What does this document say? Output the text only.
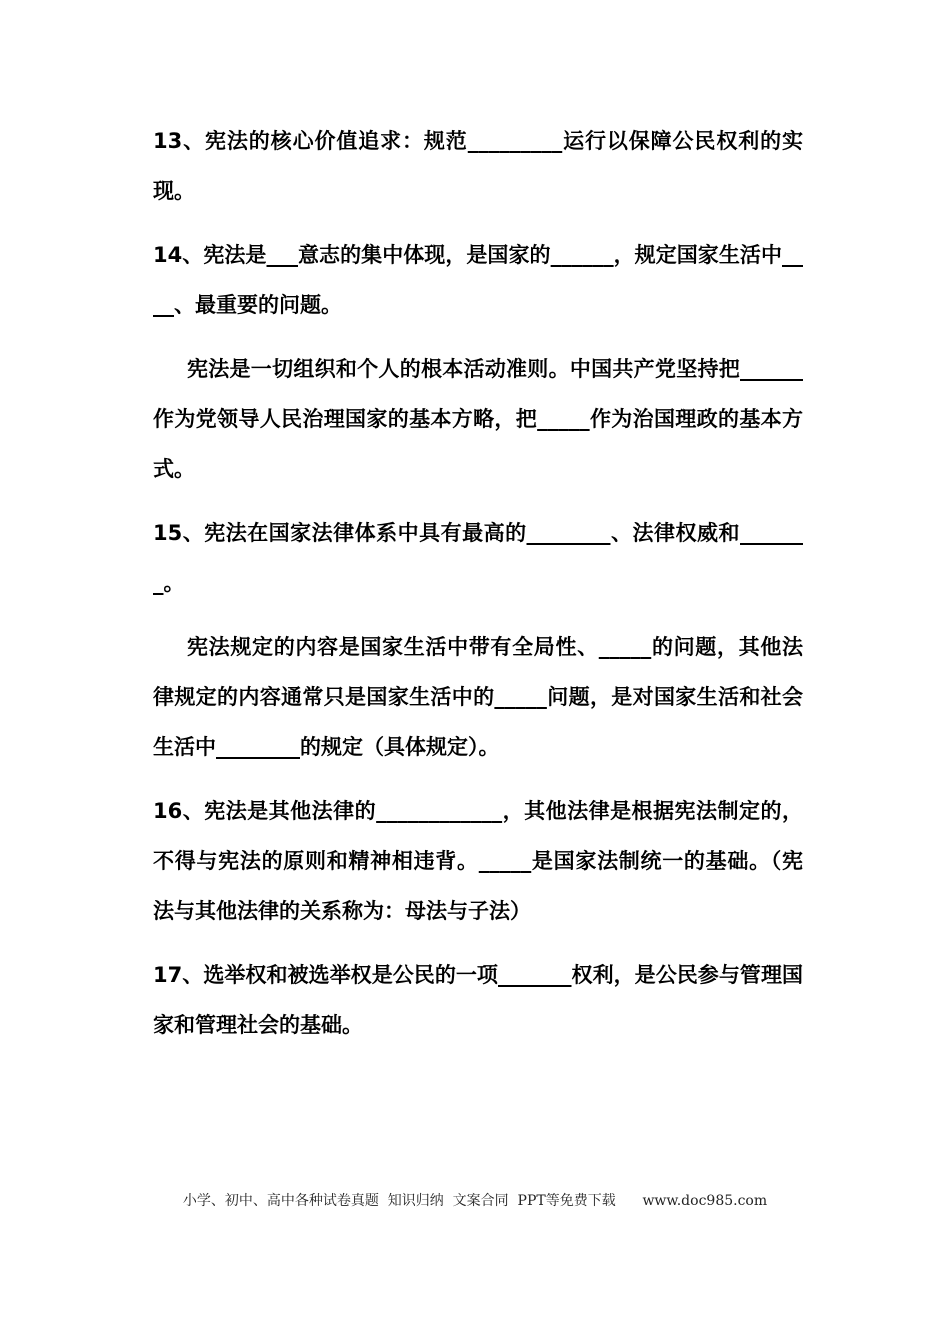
13、宪法的核心价值追求：规范_________运行以保障公民权利的实现。

14、宪法是___意志的集中体现，是国家的______，规定国家生活中____、最重要的问题。

宪法是一切组织和个人的根本活动准则。中国共产党坚持把______作为党领导人民治理国家的基本方略，把_____作为治国理政的基本方式。

15、宪法在国家法律体系中具有最高的________、法律权威和_______。

宪法规定的内容是国家生活中带有全局性、_____的问题，其他法律规定的内容通常只是国家生活中的_____问题，是对国家生活和社会生活中________的规定（具体规定）。

16、宪法是其他法律的____________，其他法律是根据宪法制定的，不得与宪法的原则和精神相违背。_____是国家法制统一的基础。（宪法与其他法律的关系称为：母法与子法）

17、选举权和被选举权是公民的一项_______权利，是公民参与管理国家和管理社会的基础。

小学、初中、高中各种试卷真题  知识归纳  文案合同  PPT等免费下载      www.doc985.com
